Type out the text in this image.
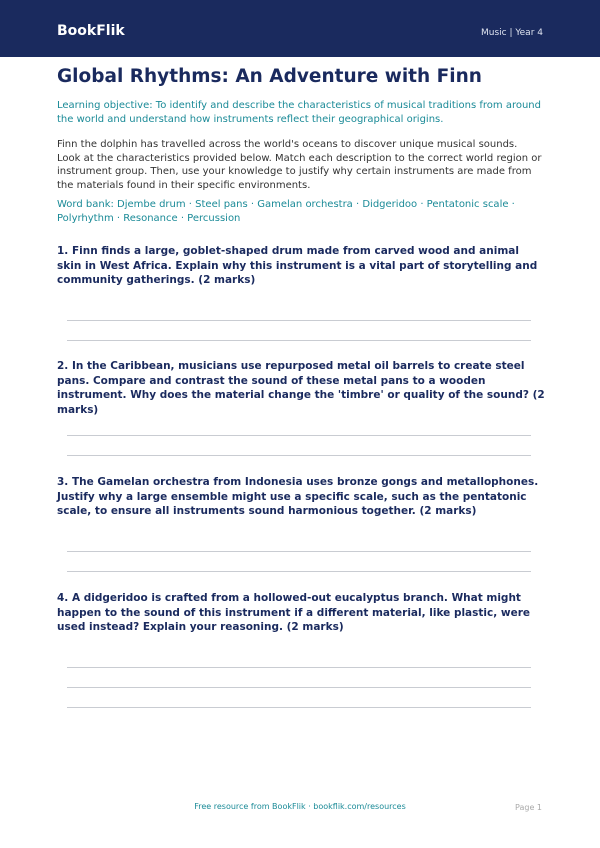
BookFlik	Music | Year 4
Global Rhythms: An Adventure with Finn
Learning objective: To identify and describe the characteristics of musical traditions from around the world and understand how instruments reflect their geographical origins.
Finn the dolphin has travelled across the world's oceans to discover unique musical sounds. Look at the characteristics provided below. Match each description to the correct world region or instrument group. Then, use your knowledge to justify why certain instruments are made from the materials found in their specific environments.
Word bank: Djembe drum · Steel pans · Gamelan orchestra · Didgeridoo · Pentatonic scale · Polyrhythm · Resonance · Percussion
1. Finn finds a large, goblet-shaped drum made from carved wood and animal skin in West Africa. Explain why this instrument is a vital part of storytelling and community gatherings. (2 marks)
2. In the Caribbean, musicians use repurposed metal oil barrels to create steel pans. Compare and contrast the sound of these metal pans to a wooden instrument. Why does the material change the 'timbre' or quality of the sound? (2 marks)
3. The Gamelan orchestra from Indonesia uses bronze gongs and metallophones. Justify why a large ensemble might use a specific scale, such as the pentatonic scale, to ensure all instruments sound harmonious together. (2 marks)
4. A didgeridoo is crafted from a hollowed-out eucalyptus branch. What might happen to the sound of this instrument if a different material, like plastic, were used instead? Explain your reasoning. (2 marks)
Free resource from BookFlik · bookflik.com/resources	Page 1
